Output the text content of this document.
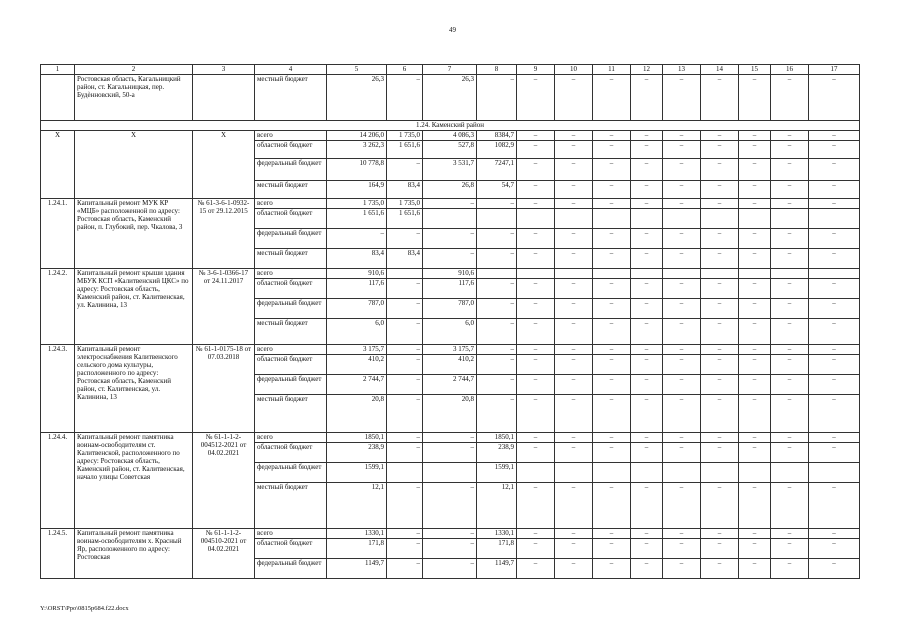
49
1	2	3	4	5	6	7	8	9	10	11	12	13	14	15	16	17
	Ростовская область, Кагальницкий район, ст. Кагальницкая, пер. Будѐнновский, 50-а		местный бюджет	26,3	–	26,3	–	–	–	–	–	–	–	–	–	–
1.24. Каменский район																
Х	Х	Х	всего	14 206,0	1 735,0	4 086,3	8384,7	–	–	–	–	–	–	–	–	–
			областной бюджет	3 262,3	1 651,6	527,8	1082,9	–	–	–	–	–	–	–	–	–
			федеральный бюджет	10 778,8	–	3 531,7	7247,1	–	–	–	–	–	–	–	–	–
			местный бюджет	164,9	83,4	26,8	54,7	–	–	–	–	–	–	–	–	–
1.24.1.	Капитальный ремонт МУК КР «МЦБ» расположенной по адресу: Ростовская область, Каменский район, п. Глубокий, пер. Чкалова, 3	№ 61-3-6-1-0932-15 от 29.12.2015	всего	1 735,0	1 735,0	–	–	–	–	–	–	–	–	–	–	–
			областной бюджет	1 651,6	1 651,6											
			федеральный бюджет	–	–	–	–	–	–	–	–	–	–	–	–	–
			местный бюджет	83,4	83,4	–	–	–	–	–	–	–	–	–	–	–
1.24.2.	Капитальный ремонт крыши здания МБУК КСП «Калитвенский ЦКС» по адресу: Ростовская область, Каменский район, ст. Калитвенская, ул. Калинина, 13	№ 3-6-1-0366-17 от 24.11.2017	всего	910,6		910,6										
			областной бюджет	117,6	–	117,6	–	–	–	–	–	–	–	–	–	–
			федеральный бюджет	787,0	–	787,0	–	–	–	–	–	–	–	–	–	–
			местный бюджет	6,0	–	6,0	–	–	–	–	–	–	–	–	–	–
1.24.3.	Капитальный ремонт электроснабжения Калитвенского сельского дома культуры, расположенного по адресу: Ростовская область, Каменский район, ст. Калитвенская, ул. Калинина, 13	№ 61-1-0175-18 от 07.03.2018	всего	3 175,7	–	3 175,7	–	–	–	–	–	–	–	–	–	–
			областной бюджет	410,2	–	410,2	–	–	–	–	–	–	–	–	–	–
			федеральный бюджет	2 744,7	–	2 744,7	–	–	–	–	–	–	–	–	–	–
			местный бюджет	20,8	–	20,8	–	–	–	–	–	–	–	–	–	–
1.24.4.	Капитальный ремонт памятника воинам-освободителям ст. Калитвенской, расположенного по адресу: Ростовская область, Каменский район, ст. Калитвенская, начало улицы Советская	№ 61-1-1-2-004512-2021 от 04.02.2021	всего	1850,1	–	–	1850,1	–	–	–	–	–	–	–	–	–
			областной бюджет	238,9	–	–	238,9	–	–	–	–	–	–	–	–	–
			федеральный бюджет	1599,1			1599,1									
			местный бюджет	12,1	–	–	12,1	–	–	–	–	–	–	–	–	–
1.24.5.	Капитальный ремонт памятника воинам-освободителям х. Красный Яр, расположенного по адресу: Ростовская	№ 61-1-1-2-004510-2021 от 04.02.2021	всего	1330,1	–	–	1330,1	–	–	–	–	–	–	–	–	–
			областной бюджет	171,8	–	–	171,8	–	–	–	–	–	–	–	–	–
			федеральный бюджет	1149,7	–	–	1149,7	–	–	–	–	–	–	–	–	–
Y:\ORST\Ppo\0815p684.f22.docx
